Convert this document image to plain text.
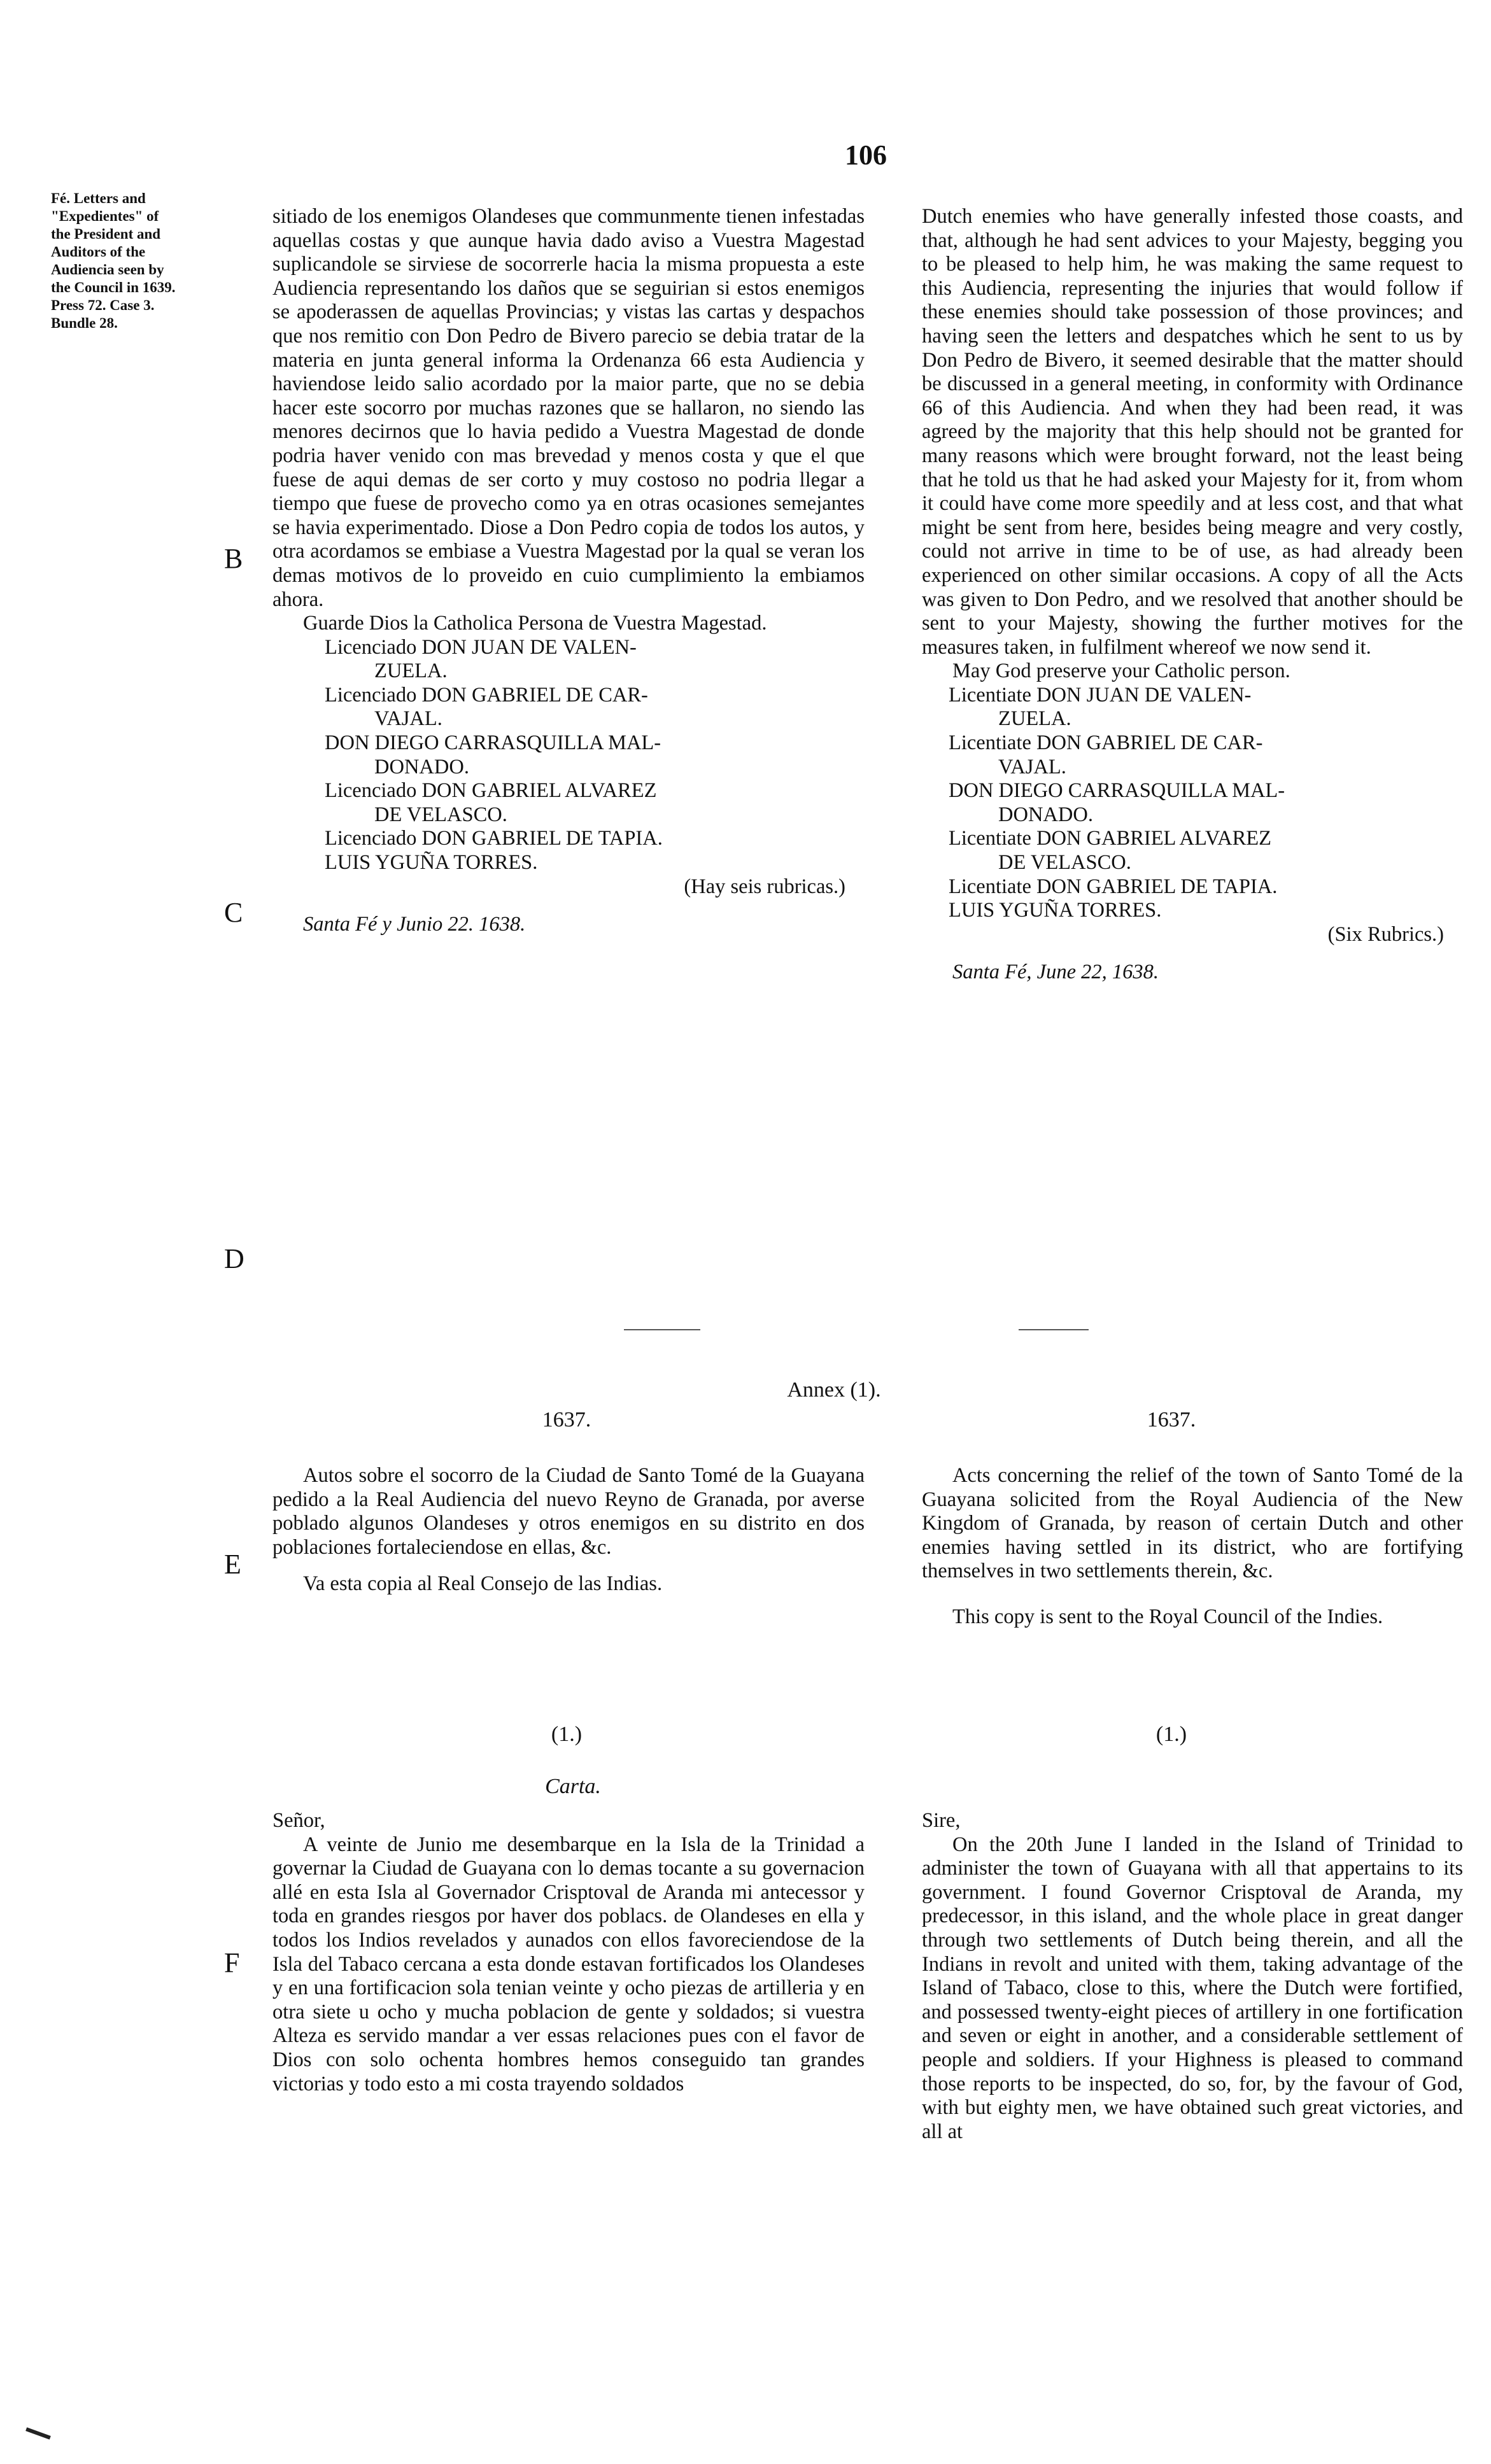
106
Fé. Letters and
"Expedientes" of
the President and
Auditors of the
Audiencia seen by
the Council in 1639.
Press 72. Case 3.
Bundle 28.
B
C
D
E
F

sitiado de los enemigos Olandeses que communmente tienen infestadas aquellas costas y que aunque havia dado aviso a Vuestra Magestad suplicandole se sirviese de socorrerle hacia la misma propuesta a este Audiencia representando los daños que se seguirian si estos enemigos se apoderassen de aquellas Provincias; y vistas las cartas y despachos que nos remitio con Don Pedro de Bivero parecio se debia tratar de la materia en junta general informa la Ordenanza 66 esta Audiencia y haviendose leido salio acordado por la maior parte, que no se debia hacer este socorro por muchas razones que se hallaron, no siendo las menores decirnos que lo havia pedido a Vuestra Magestad de donde podria haver venido con mas brevedad y menos costa y que el que fuese de aqui demas de ser corto y muy costoso no podria llegar a tiempo que fuese de provecho como ya en otras ocasiones semejantes se havia experimentado. Diose a Don Pedro copia de todos los autos, y otra acordamos se embiase a Vuestra Magestad por la qual se veran los demas motivos de lo proveido en cuio cumplimiento la embiamos ahora.

Guarde Dios la Catholica Persona de Vuestra Magestad.

Licenciado DON JUAN DE VALEN-
ZUELA.
Licenciado DON GABRIEL DE CAR-
VAJAL.
DON DIEGO CARRASQUILLA MAL-
DONADO.
Licenciado DON GABRIEL ALVAREZ
DE VELASCO.
Licenciado DON GABRIEL DE TAPIA.
LUIS YGUÑA TORRES.
(Hay seis rubricas.)
Santa Fé y Junio 22. 1638.

Dutch enemies who have generally infested those coasts, and that, although he had sent advices to your Majesty, begging you to be pleased to help him, he was making the same request to this Audiencia, representing the injuries that would follow if these enemies should take possession of those provinces; and having seen the letters and despatches which he sent to us by Don Pedro de Bivero, it seemed desirable that the matter should be discussed in a general meeting, in conformity with Ordinance 66 of this Audiencia. And when they had been read, it was agreed by the majority that this help should not be granted for many reasons which were brought forward, not the least being that he told us that he had asked your Majesty for it, from whom it could have come more speedily and at less cost, and that what might be sent from here, besides being meagre and very costly, could not arrive in time to be of use, as had already been experienced on other similar occasions. A copy of all the Acts was given to Don Pedro, and we resolved that another should be sent to your Majesty, showing the further motives for the measures taken, in fulfilment whereof we now send it.

May God preserve your Catholic person.

Licentiate DON JUAN DE VALEN-
ZUELA.
Licentiate DON GABRIEL DE CAR-
VAJAL.
DON DIEGO CARRASQUILLA MAL-
DONADO.
Licentiate DON GABRIEL ALVAREZ
DE VELASCO.
Licentiate DON GABRIEL DE TAPIA.
LUIS YGUÑA TORRES.
(Six Rubrics.)
Santa Fé, June 22, 1638.
Annex (1).
1637.	1637.

Autos sobre el socorro de la Ciudad de Santo Tomé de la Guayana pedido a la Real Audiencia del nuevo Reyno de Granada, por averse poblado algunos Olandeses y otros enemigos en su distrito en dos poblaciones fortaleciendose en ellas, &c.

Va esta copia al Real Consejo de las Indias.

Acts concerning the relief of the town of Santo Tomé de la Guayana solicited from the Royal Audiencia of the New Kingdom of Granada, by reason of certain Dutch and other enemies having settled in its district, who are fortifying themselves in two settlements therein, &c.

This copy is sent to the Royal Council of the Indies.

(1.)	(1.)
Carta.

Señor,

A veinte de Junio me desembarque en la Isla de la Trinidad a governar la Ciudad de Guayana con lo demas tocante a su governacion allé en esta Isla al Governador Crisptoval de Aranda mi antecessor y toda en grandes riesgos por haver dos poblacs. de Olandeses en ella y todos los Indios revelados y aunados con ellos favoreciendose de la Isla del Tabaco cercana a esta donde estavan fortificados los Olandeses y en una fortificacion sola tenian veinte y ocho piezas de artilleria y en otra siete u ocho y mucha poblacion de gente y soldados; si vuestra Alteza es servido mandar a ver essas relaciones pues con el favor de Dios con solo ochenta hombres hemos conseguido tan grandes victorias y todo esto a mi costa trayendo soldados

Sire,

On the 20th June I landed in the Island of Trinidad to administer the town of Guayana with all that appertains to its government. I found Governor Crisptoval de Aranda, my predecessor, in this island, and the whole place in great danger through two settlements of Dutch being therein, and all the Indians in revolt and united with them, taking advantage of the Island of Tabaco, close to this, where the Dutch were fortified, and possessed twenty-eight pieces of artillery in one fortification and seven or eight in another, and a considerable settlement of people and soldiers. If your Highness is pleased to command those reports to be inspected, do so, for, by the favour of God, with but eighty men, we have obtained such great victories, and all at
